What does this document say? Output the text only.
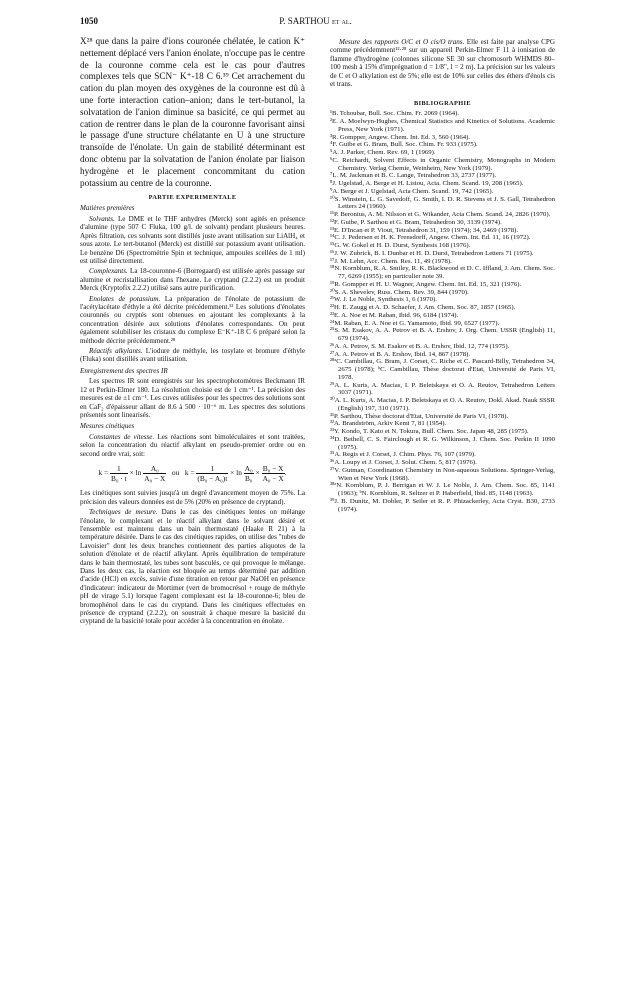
1050	P. SARTHOU et al.

X²⁸ que dans la paire d'ions couronée chélatée, le cation K⁺ nettement déplacé vers l'anion énolate, n'occupe pas le centre de la couronne comme cela est le cas pour d'autres complexes tels que SCN⁻ K⁺-18 C 6.³⁹ Cet arrachement du cation du plan moyen des oxygènes de la couronne est dû à une forte interaction cation–anion; dans le tert-butanol, la solvatation de l'anion diminue sa basicité, ce qui permet au cation de rentrer dans le plan de la couronne favorisant ainsi le passage d'une structure chélatante en U à une structure transoïde de l'énolate. Un gain de stabilité déterminant est donc obtenu par la solvatation de l'anion énolate par liaison hydrogène et le placement concommitant du cation potassium au centre de la couronne.

PARTIE EXPERIMENTALE
Matières premières

Solvants. Le DME et le THF anhydres (Merck) sont agités en présence d'alumine (type 507 C Fluka, 100 g/l. de solvant) pendant plusieurs heures. Après filtration, ces solvants sont distillés juste avant utilisation sur LiAlH₄ et sous azote. Le tert-butanol (Merck) est distillé sur potassium avant utilisation. Le benzène D6 (Spectrométrie Spin et technique, ampoules scellées de 1 ml) est utilisé directement.

Complexants. La 18-couronne-6 (Borregaard) est utilisée après passage sur alumine et recristallisation dans l'hexane. Le cryptand (2.2.2) est un produit Merck (Kryptofix 2.2.2) utilisé sans autre purification.

Enolates de potassium. La préparation de l'énolate de potassium de l'acétylacétate d'éthyle a été décrite précédemment.¹² Les solutions d'énolates couronnés ou cryptés sont obtenues en ajoutant les complexants à la concentration désirée aux solutions d'énolates correspondants. On peut également solubiliser les cristaux du complexe E⁻K⁺-18 C 6 préparé selon la méthode décrite précédemment.²⁸

Réactifs alkylants. L'iodure de méthyle, les tosylate et bromure d'éthyle (Fluka) sont distillés avant utilisation.

Enregistrement des spectres IR

Les spectres IR sont enregistrés sur les spectrophotomètres Beckmann IR 12 et Perkin-Elmer 180. La résolution choisie est de 1 cm⁻¹. La précision des mesures est de ±1 cm⁻¹. Les cuves utilisées pour les spectres des solutions sont en CaF₂ d'épaisseur allant de 8.6 à 500 · 10⁻⁶ m. Les spectres des solutions présentés sont linearisés.

Mesures cinétiques

Constantes de vitesse. Les réactions sont bimoléculaires et sont traitées, selon la concentration du réactif alkylant en pseudo-premier ordre ou en second ordre vrai, soit:

$k = \frac{1}{\text{B₀ · t}} \times \ln \frac{\text{A₀}}{\text{A₀ − X}}$ ou $k = \frac{1}{\text{(B₀ − A₀)t}} \times \ln \frac{\text{A₀}}{\text{B₀}} \times \frac{\text{B₀ − X}}{\text{A₀ − X}}$ .

Les cinétiques sont suivies jusqu'à un degré d'avancement moyen de 75%. La précision des valeurs données est de 5% (20% en présence de cryptand).

Techniques de mesure. Dans le cas des cinétiques lentes on mélange l'énolate, le complexant et le réactif alkylant dans le solvant désiré et l'ensemble est maintenu dans un bain thermostaté (Haake R 21) à la température désirée. Dans le cas des cinétiques rapides, on utilise des "tubes de Lavoisier" dont les deux branches contiennent des parties aliquotes de la solution d'énolate et de réactif alkylant. Après équilibration de température dans le bain thermostaté, les tubes sont basculés, ce qui provoque le mélange. Dans les deux cas, la réaction est bloquée au temps déterminé par addition d'acide (HCl) en excès, suivie d'une titration en retour par NaOH en présence d'indicateur: indicateur de Mortimer (vert de bromocrésol + rouge de méthyle pH de virage 5.1) lorsque l'agent complexant est la 18-couronne-6; bleu de bromophénol dans le cas du cryptand. Dans les cinétiques effectuées en présence de cryptand (2.2.2), on soustrait à chaque mesure la basicité du cryptand de la basicité totale pour accéder à la concentration en énolate.

Mesure des rapports O/C et O cis/O trans. Elle est faite par analyse CPG comme précédemment¹²·²⁸ sur un appareil Perkin-Elmer F 11 à ionisation de flamme d'hydrogène (colonnes silicone SE 30 sur chromosorb WHMDS 80–100 mesh à 15% d'imprégnation d = 1/8", l = 2 m). La précision sur les valeurs de C et O alkylation est de 5%; elle est de 10% sur celles des éthers d'énols cis et trans.

BIBLIOGRAPHIE
¹B. Tchoubar, Bull. Soc. Chim. Fr. 2069 (1964).
²E. A. Moelwyn-Hughes, Chemical Statistics and Kinetics of Solutions. Academic Press, New York (1971).
³R. Gompper, Angew. Chem. Int. Ed. 3, 560 (1964).
⁴F. Guibe et G. Bram, Bull. Soc. Chim. Fr. 933 (1975).
⁵A. J. Parker, Chem. Rev. 69, 1 (1969).
⁶C. Reichardt, Solvent Effects in Organic Chemistry, Monographs in Modern Chemistry. Verlag Chemie, Weinheim, New York (1979).
⁷L. M. Jackman et B. C. Lange, Tetrahedron 33, 2737 (1977).
⁸J. Ugelstad, A. Berge et H. Listou, Acta. Chem. Scand. 19, 208 (1965).
⁹A. Berge et J. Ugelstad, Acta Chem. Scand. 19, 742 (1965).
¹⁰S. Winstein, L. G. Savedoff, G. Smith, I. D. R. Stevens et J. S. Gall, Tetrahedron Letters 24 (1960).
¹¹P. Beronius, A. M. Nilsson et G. Wikander, Acta Chem. Scand. 24, 2826 (1970).
¹²F. Guibe, P. Sarthou et G. Bram, Tetrahedron 30, 3139 (1974).
¹³E. D'Incan et P. Viout, Tetrahedron 31, 159 (1974); 34, 2469 (1978).
¹⁴C. J. Pedersen et H. K. Frensdorff, Angew. Chem. Int. Ed. 11, 16 (1972).
¹⁵G. W. Gokel et H. D. Durst, Synthesis 168 (1976).
¹⁶J. W. Zubrick, B. I. Dunbar et H. D. Durst, Tetrahedron Letters 71 (1975).
¹⁷J. M. Lehn, Acc. Chem. Res. 11, 49 (1978).
¹⁸N. Kornblum, R. A. Smiley, R. K. Blackwood et D. C. Iffland, J. Am. Chem. Soc. 77, 6269 (1955); en particulier note 39.
¹⁹R. Gompper et H. U. Wagner, Angew. Chem. Int. Ed. 15, 321 (1976).
²⁰S. A. Shevelev, Russ. Chem. Rev. 39, 844 (1970).
²¹W. J. Le Noble, Synthesis 1, 6 (1970).
²²H. E. Zaugg et A. D. Schaefer, J. Am. Chem. Soc. 87, 1857 (1965).
²³E. A. Noe et M. Raban, Ibid. 96, 6184 (1974).
²⁴M. Raban, E. A. Noe et G. Yamamoto, Ibid. 99, 6527 (1977).
²⁵S. M. Esakov, A. A. Petrov et B. A. Ershov, J. Org. Chem. USSR (English) 11, 679 (1974).
²⁶A. A. Petrov, S. M. Esakov et B. A. Ershov, Ibid. 12, 774 (1975).
²⁷A. A. Petrov et B. A. Ershov, Ibid. 14, 867 (1978).
²⁸ᵃC. Cambillau, G. Bram, J. Corset, C. Riche et C. Pascard-Billy, Tetrahedron 34, 2675 (1978); ᵇC. Cambillau, Thèse doctorat d'Etat, Université de Paris VI, 1978.
²⁹A. L. Kurts, A. Macias, I. P. Beletskaya et O. A. Reutov, Tetrahedron Letters 3037 (1971).
³⁰A. L. Kurts, A. Macias, I. P. Beletskaya et O. A. Reutov, Dokl. Akad. Nauk SSSR (English) 197, 310 (1971).
³¹P. Sarthou, Thèse doctorat d'Etat, Université de Paris VI, (1978).
³²A. Brandström, Arkiv Kemi 7, 81 (1954).
³³Y. Kondo, T. Kato et N. Tokura, Bull. Chem. Soc. Japan 48, 285 (1975).
³⁴D. Bethell, C. S. Fairclough et R. G. Wilkinson, J. Chem. Soc. Perkin II 1090 (1975).
³⁵A. Regis et J. Corset, J. Chim. Phys. 76, 107 (1979).
³⁶A. Loupy et J. Corset, J. Solut. Chem. 5, 817 (1976).
³⁷V. Gutman, Coordination Chemistry in Non-aqueous Solutions. Springer-Verlag, Wien et New York (1968).
³⁸ᵃN. Kornblum, P. J. Berrigan et W. J. Le Noble, J. Am. Chem. Soc. 85, 1141 (1963); ᵇN. Kornblum, R. Seltzer et P. Haberfield, Ibid. 85, 1148 (1963).
³⁹J. B. Dunitz, M. Dobler, P. Seiler et R. P. Phizackerley, Acta Cryst. B30, 2733 (1974).
